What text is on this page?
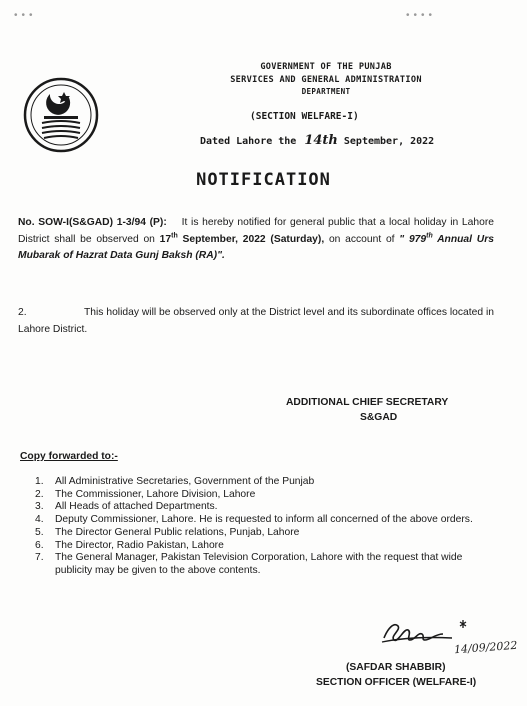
•••	••••
GOVERNMENT OF THE PUNJAB
SERVICES AND GENERAL ADMINISTRATION
DEPARTMENT
(SECTION WELFARE-I)
Dated Lahore the 14th September, 2022
NOTIFICATION
No. SOW-I(S&GAD) 1-3/94 (P): It is hereby notified for general public that a local holiday in Lahore District shall be observed on 17th September, 2022 (Saturday), on account of " 979th Annual Urs Mubarak of Hazrat Data Gunj Baksh (RA)".
2.	This holiday will be observed only at the District level and its subordinate offices located in Lahore District.
ADDITIONAL CHIEF SECRETARY
S&GAD
Copy forwarded to:-
1. All Administrative Secretaries, Government of the Punjab
2. The Commissioner, Lahore Division, Lahore
3. All Heads of attached Departments.
4. Deputy Commissioner, Lahore. He is requested to inform all concerned of the above orders.
5. The Director General Public relations, Punjab, Lahore
6. The Director, Radio Pakistan, Lahore
7. The General Manager, Pakistan Television Corporation, Lahore with the request that wide publicity may be given to the above contents.
14/09/2022
(SAFDAR SHABBIR)
SECTION OFFICER (WELFARE-I)
